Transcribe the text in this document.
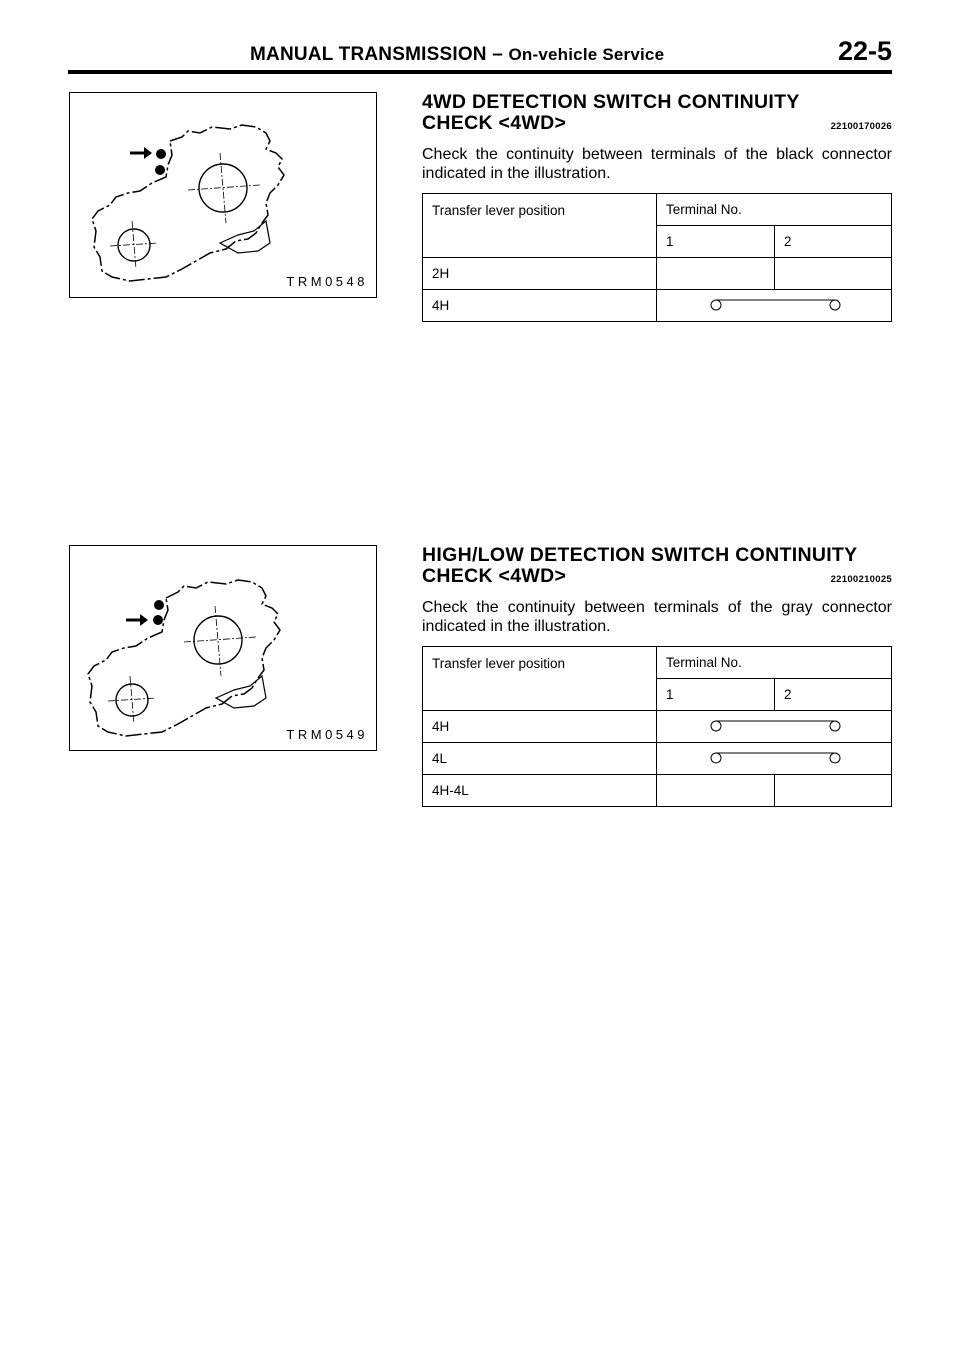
MANUAL TRANSMISSION – On-vehicle Service	22-5
TRM0548
4WD DETECTION SWITCH CONTINUITY
CHECK <4WD>	22100170026

Check the continuity between terminals of the black connector indicated in the illustration.

Transfer lever position	Terminal No.	
	1	2
2H		
4H	
TRM0549
HIGH/LOW DETECTION SWITCH CONTINUITY
CHECK <4WD>	22100210025

Check the continuity between terminals of the gray connector indicated in the illustration.

Transfer lever position	Terminal No.	
	1	2
4H	

4L	

4H-4L		
